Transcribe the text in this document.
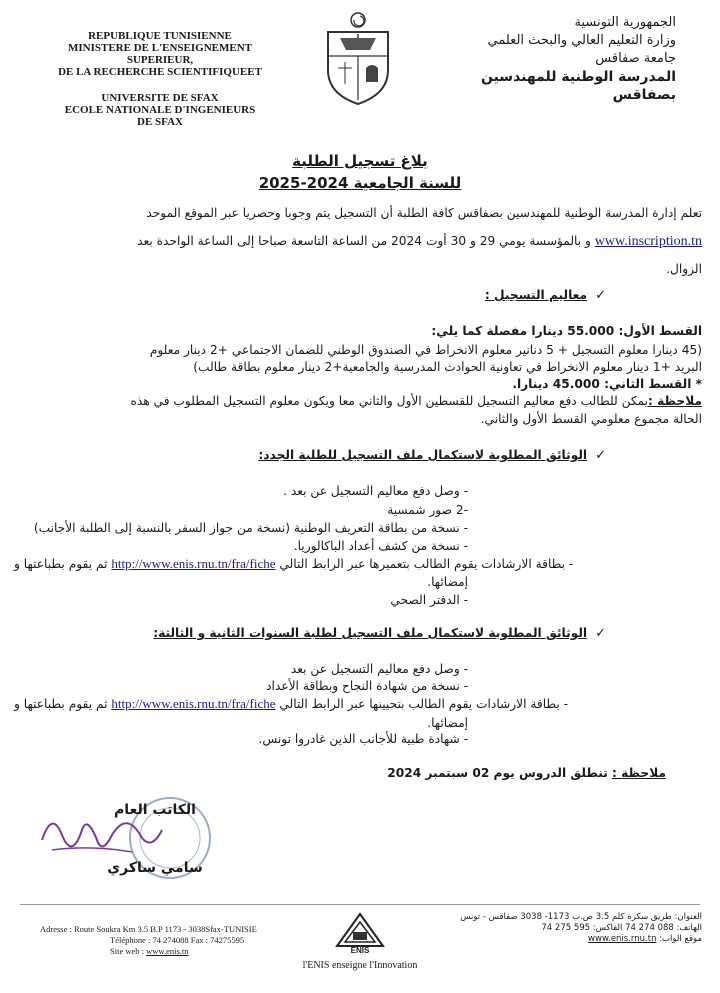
REPUBLIQUE TUNISIENNE
MINISTERE DE L'ENSEIGNEMENT SUPERIEUR,
DE LA RECHERCHE SCIENTIFIQUEET
UNIVERSITE DE SFAX
ECOLE NATIONALE D'INGENIEURS
DE SFAX
الجمهورية التونسية
وزارة التعليم العالي والبحث العلمي
جامعة صفاقس
المدرسة الوطنية للمهندسين بصفاقس
بلاغ تسجيل الطلبة
للسنة الجامعية 2024-2025
تعلم إدارة المدرسة الوطنية للمهندسين بصفاقس كافة الطلبة أن التسجيل يتم وجوبا وحصريا عبر الموقع الموحد
www.inscription.tn و بالمؤسسة يومي 29 و 30 أوت 2024 من الساعة التاسعة صباحا إلى الساعة الواحدة بعد
الزوال.
✓معاليم التسجيل :
القسط الأول: 55.000 دينارا مفصلة كما يلي:
(45 دينارا معلوم التسجيل + 5 دنانير معلوم الانخراط في الصندوق الوطني للضمان الاجتماعي +2 دينار معلوم
البريد +1 دينار معلوم الانخراط في تعاونية الحوادث المدرسية والجامعية+2 دينار معلوم بطاقة طالب)
* القسط الثاني: 45.000 دينارا.
ملاحظة :يمكن للطالب دفع معاليم التسجيل للقسطين الأول والثاني معا ويكون معلوم التسجيل المطلوب في هذه
الحالة مجموع معلومي القسط الأول والثاني.
✓الوثائق المطلوبة لاستكمال ملف التسجيل للطلبة الجدد:
- وصل دفع معاليم التسجيل عن بعد .
-2 صور شمسية
- نسخة من بطاقة التعريف الوطنية (نسخة من جواز السفر بالنسبة إلى الطلبة الأجانب)
- نسخة من كشف أعداد الباكالوريا.
- بطاقة الارشادات يقوم الطالب بتعميرها عبر الرابط التالي http://www.enis.rnu.tn/fra/fiche ثم يقوم بطباعتها و
إمضائها.
- الدفتر الصحي
✓الوثائق المطلوبة لاستكمال ملف التسجيل لطلبة السنوات الثانية و الثالثة:
- وصل دفع معاليم التسجيل عن بعد
- نسخة من شهادة النجاح وبطاقة الأعداد
- بطاقة الارشادات يقوم الطالب بتحيينها عبر الرابط التالي http://www.enis.rnu.tn/fra/fiche ثم يقوم بطباعتها و
إمضائها.
- شهادة طبية للأجانب الذين غادروا تونس.
ملاحظة : تنطلق الدروس يوم 02 سبتمبر 2024
الكاتب العام
سامي ساكري
Adresse : Route Soukra Km 3.5 B.P 1173 - 3038Sfax-TUNISIE
Téléphone : 74 274088 Fax : 74275595
Site web : www.enis.tn	ENIS
l'ENIS enseigne l'Innovation
العنوان: طريق سكرة كلم 3.5 ص.ب 1173- 3038 صفاقس - تونس
الهاتف: 088 274 74 الفاكس: 595 275 74
موقع الواب: www.enis.rnu.tn
